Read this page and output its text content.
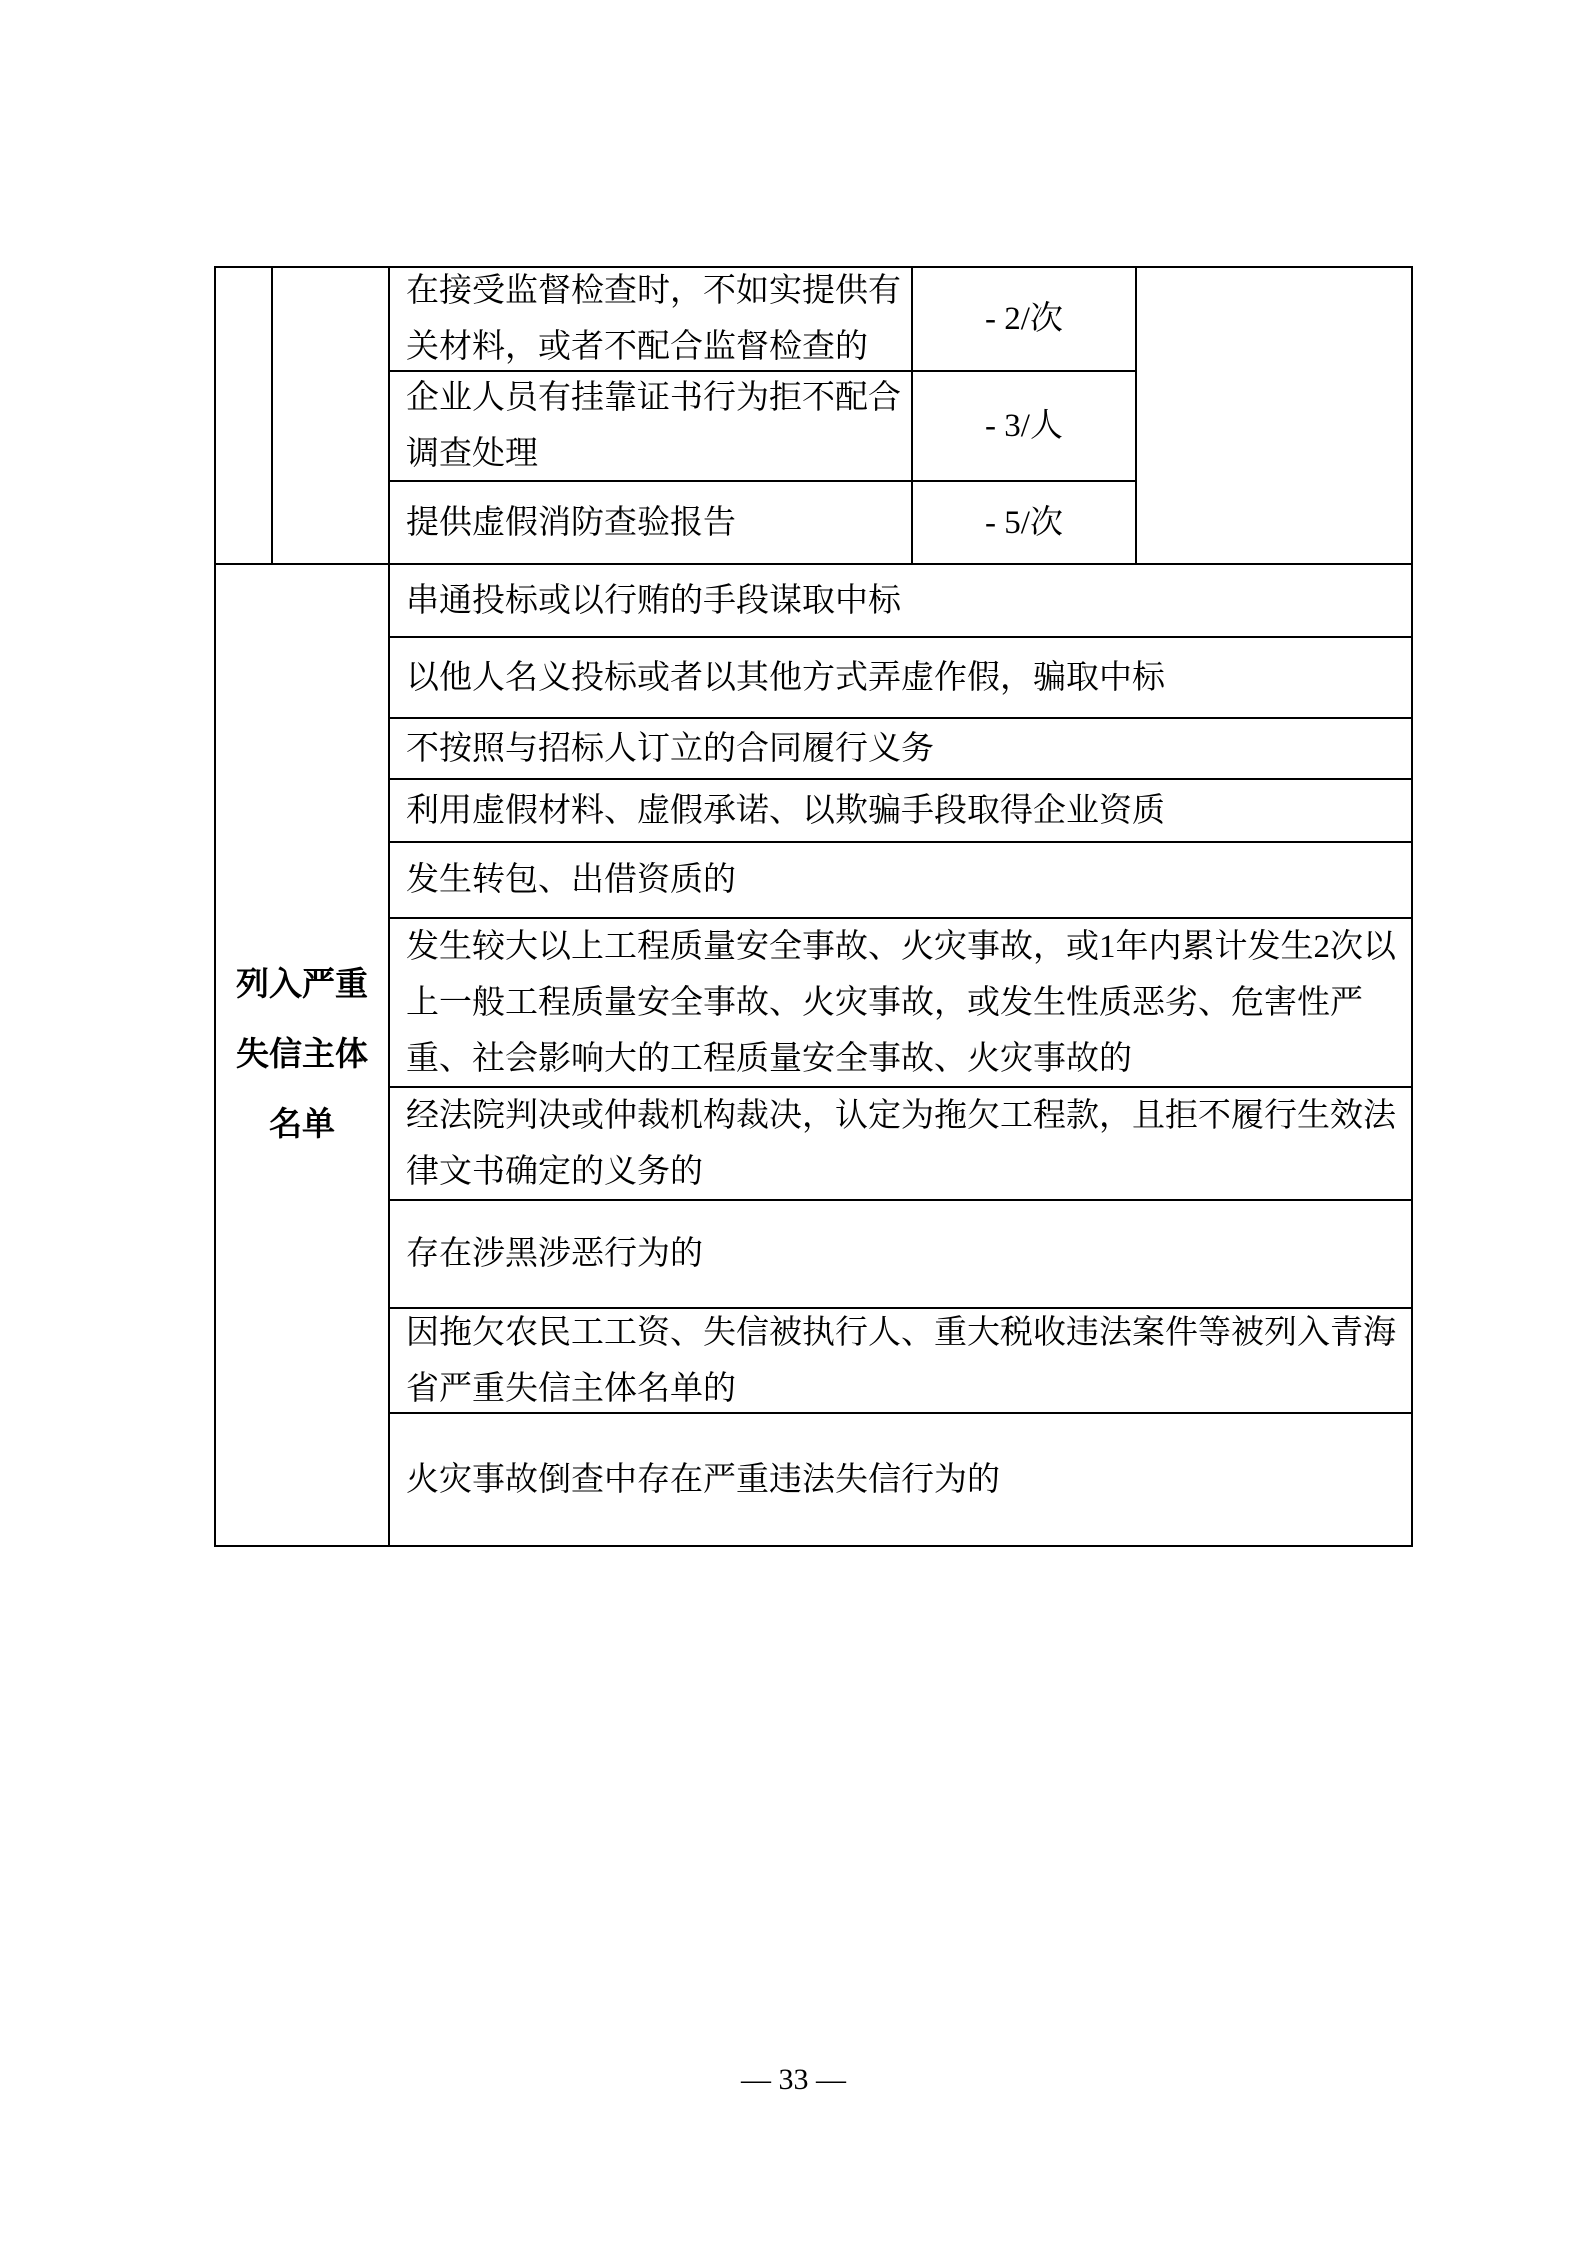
在接受监督检查时，不如实提供有关材料，或者不配合监督检查的
- 2/次
企业人员有挂靠证书行为拒不配合调查处理
- 3/人
提供虚假消防查验报告	- 5/次
列入严重失信主体名单
串通投标或以行贿的手段谋取中标
以他人名义投标或者以其他方式弄虚作假，骗取中标
不按照与招标人订立的合同履行义务
利用虚假材料、虚假承诺、以欺骗手段取得企业资质
发生转包、出借资质的
发生较大以上工程质量安全事故、火灾事故，或1年内累计发生2次以上一般工程质量安全事故、火灾事故，或发生性质恶劣、危害性严重、社会影响大的工程质量安全事故、火灾事故的
经法院判决或仲裁机构裁决，认定为拖欠工程款，且拒不履行生效法律文书确定的义务的
存在涉黑涉恶行为的
因拖欠农民工工资、失信被执行人、重大税收违法案件等被列入青海省严重失信主体名单的
火灾事故倒查中存在严重违法失信行为的
— 33 —
